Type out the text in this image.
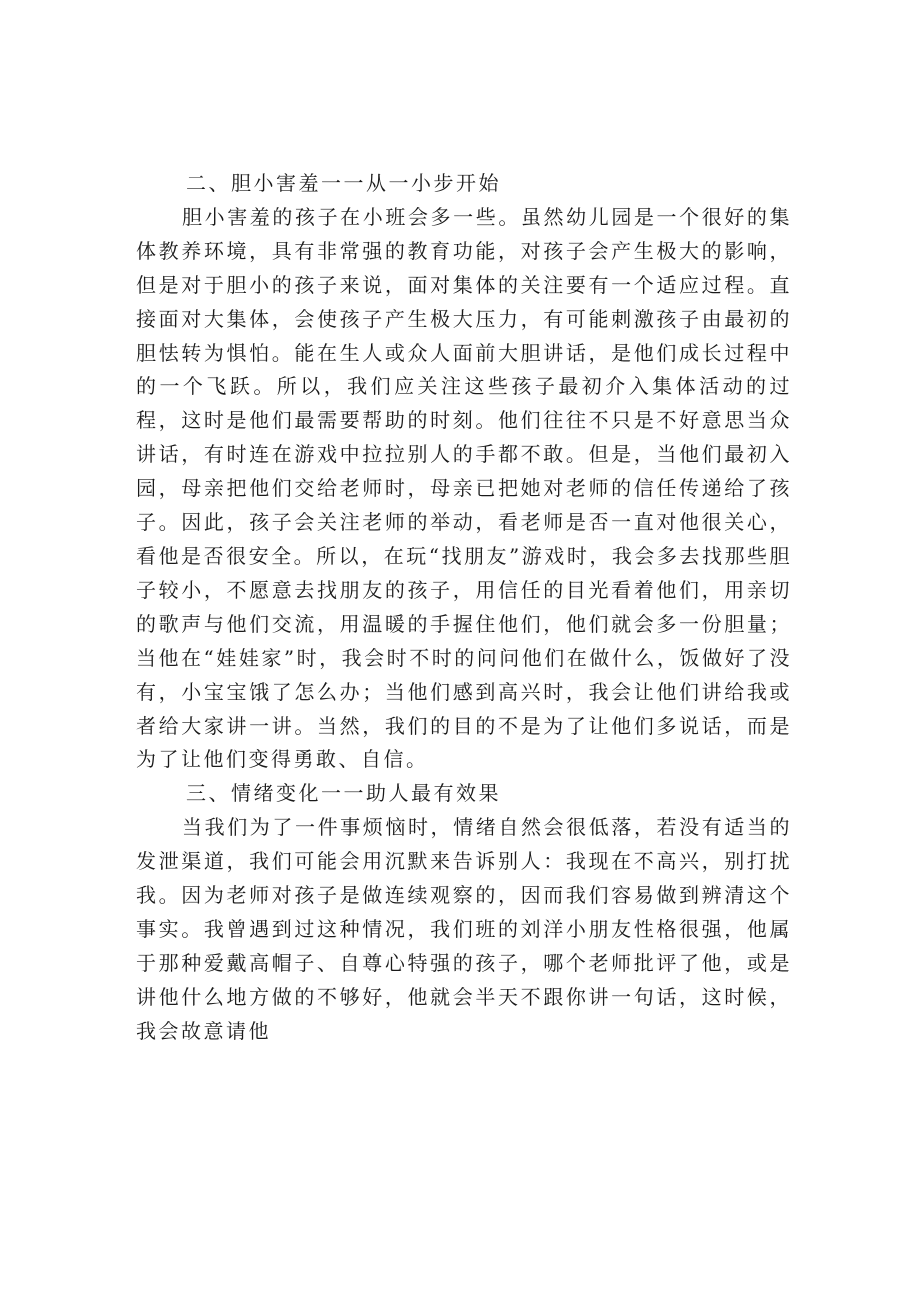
二、胆小害羞一一从一小步开始

胆小害羞的孩子在小班会多一些。虽然幼儿园是一个很好的集体教养环境，具有非常强的教育功能，对孩子会产生极大的影响，但是对于胆小的孩子来说，面对集体的关注要有一个适应过程。直接面对大集体，会使孩子产生极大压力，有可能刺激孩子由最初的胆怯转为惧怕。能在生人或众人面前大胆讲话，是他们成长过程中的一个飞跃。所以，我们应关注这些孩子最初介入集体活动的过程，这时是他们最需要帮助的时刻。他们往往不只是不好意思当众讲话，有时连在游戏中拉拉别人的手都不敢。但是，当他们最初入园，母亲把他们交给老师时，母亲已把她对老师的信任传递给了孩子。因此，孩子会关注老师的举动，看老师是否一直对他很关心，看他是否很安全。所以，在玩“找朋友”游戏时，我会多去找那些胆子较小，不愿意去找朋友的孩子，用信任的目光看着他们，用亲切的歌声与他们交流，用温暖的手握住他们，他们就会多一份胆量；当他在“娃娃家”时，我会时不时的问问他们在做什么，饭做好了没有，小宝宝饿了怎么办；当他们感到高兴时，我会让他们讲给我或者给大家讲一讲。当然，我们的目的不是为了让他们多说话，而是为了让他们变得勇敢、自信。

三、情绪变化一一助人最有效果

当我们为了一件事烦恼时，情绪自然会很低落，若没有适当的发泄渠道，我们可能会用沉默来告诉别人：我现在不高兴，别打扰我。因为老师对孩子是做连续观察的，因而我们容易做到辨清这个事实。我曾遇到过这种情况，我们班的刘洋小朋友性格很强，他属于那种爱戴高帽子、自尊心特强的孩子，哪个老师批评了他，或是讲他什么地方做的不够好，他就会半天不跟你讲一句话，这时候，我会故意请他
